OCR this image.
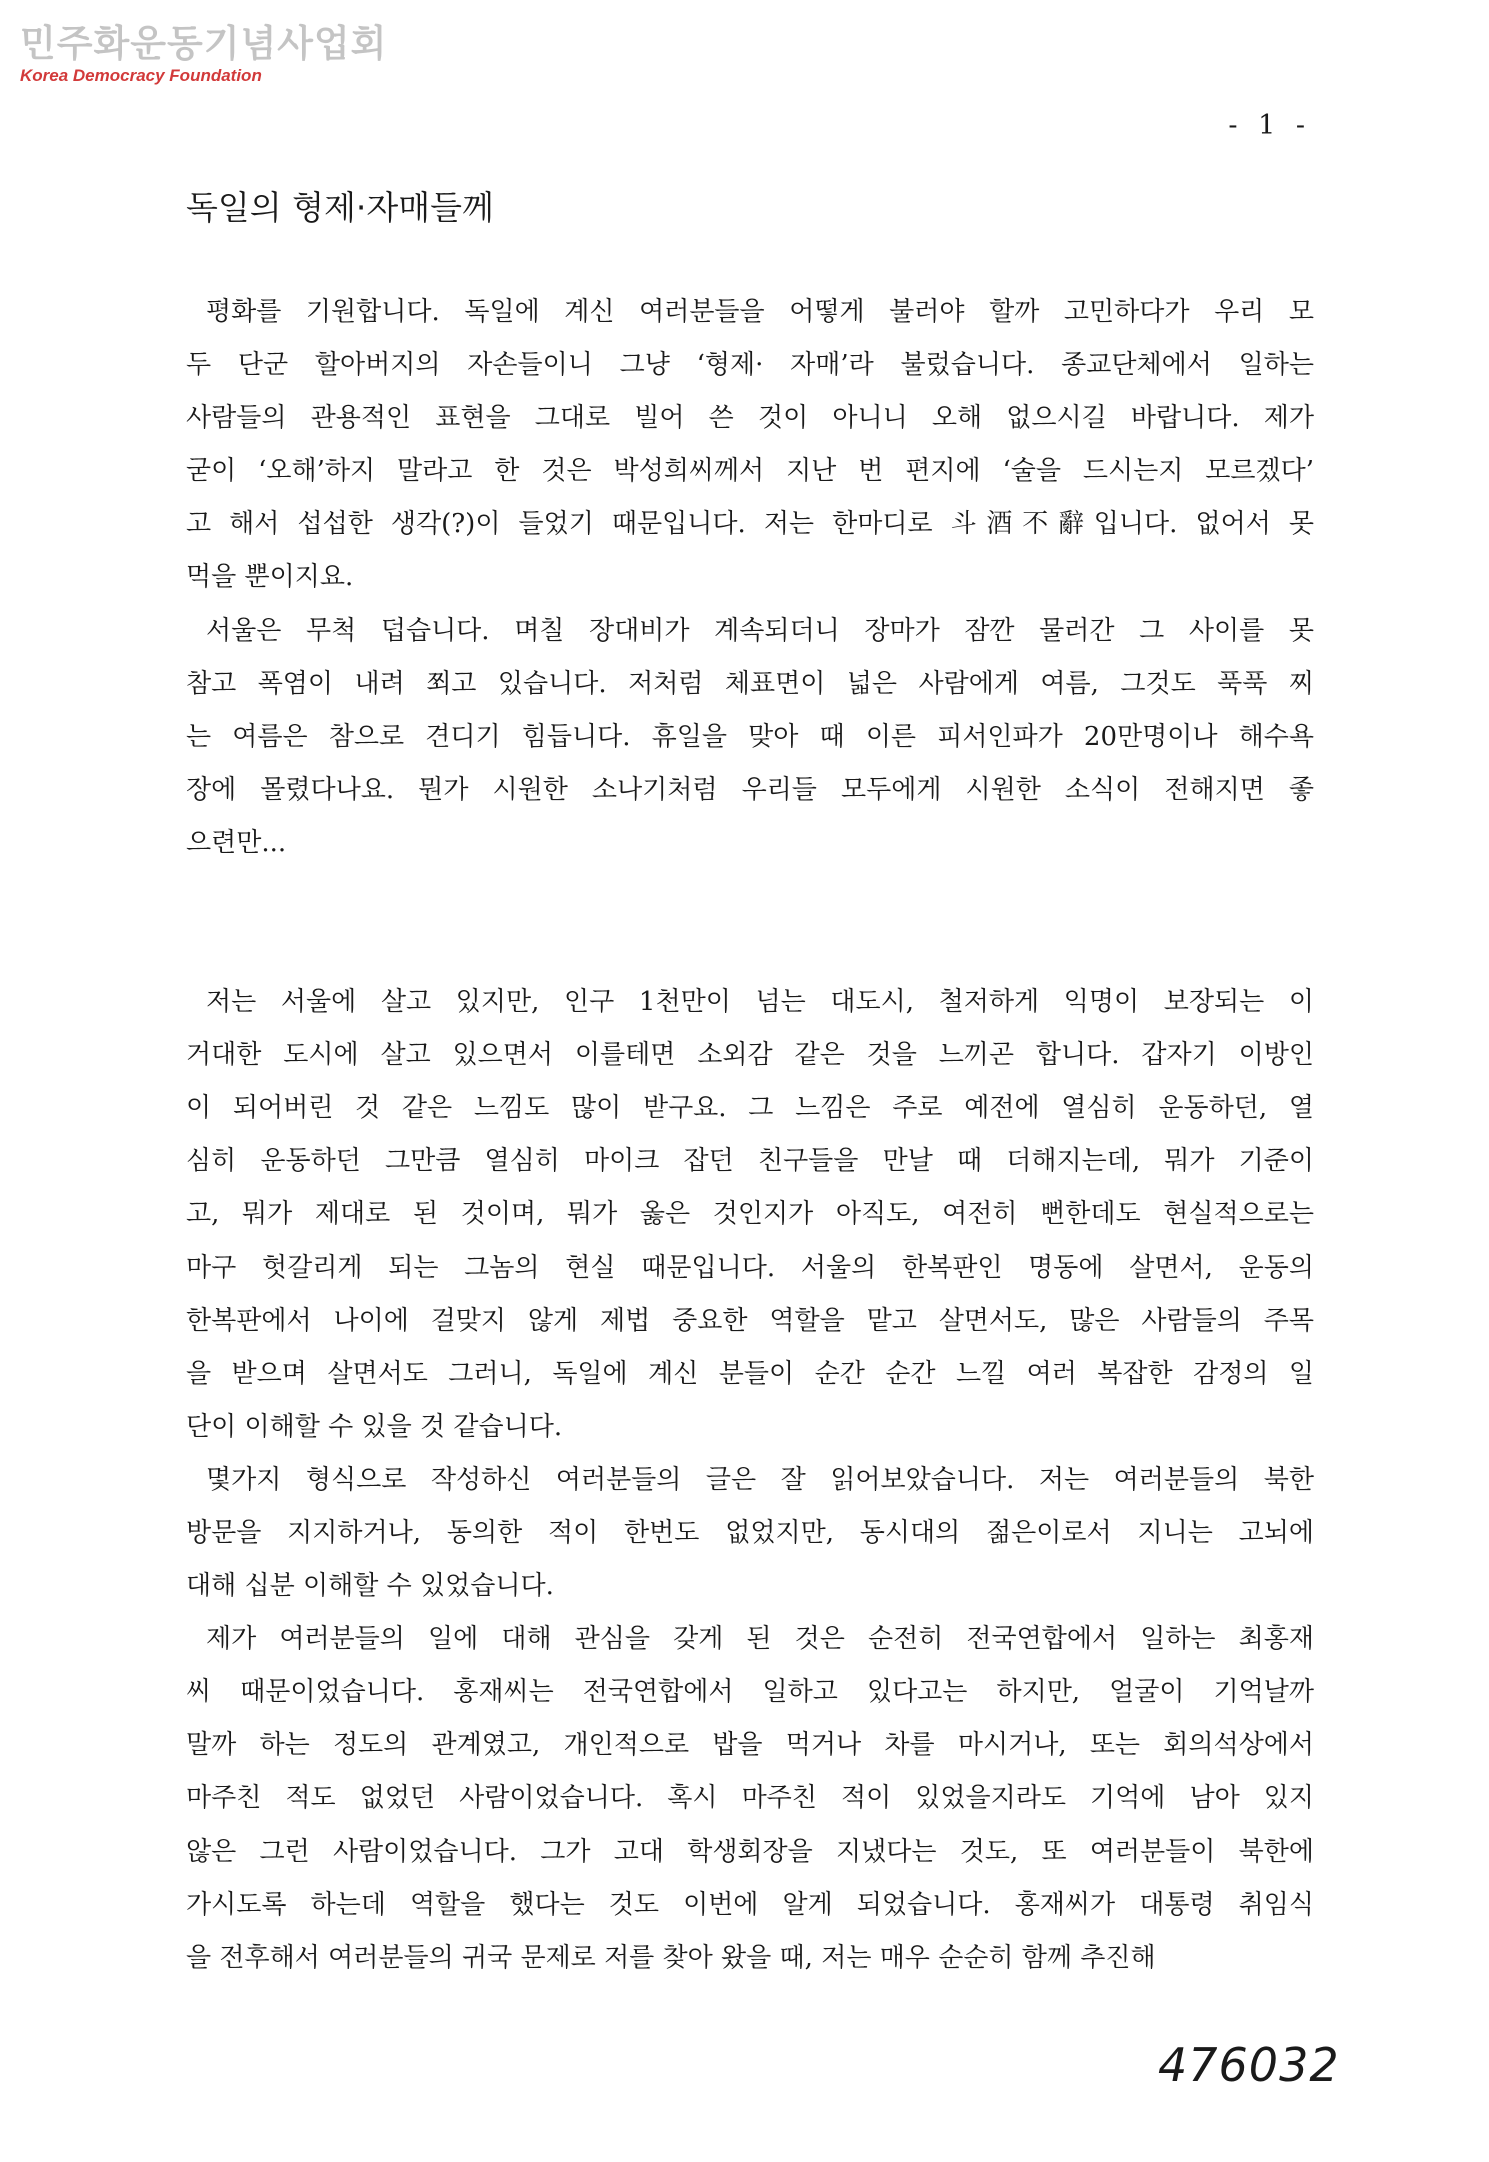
민주화운동기념사업회
Korea Democracy Foundation
- 1 -
독일의 형제·자매들께
평화를 기원합니다. 독일에 계신 여러분들을 어떻게 불러야 할까 고민하다가 우리 모
두 단군 할아버지의 자손들이니 그냥 ‘형제· 자매’라 불렀습니다. 종교단체에서 일하는
사람들의 관용적인 표현을 그대로 빌어 쓴 것이 아니니 오해 없으시길 바랍니다. 제가
굳이 ‘오해’하지 말라고 한 것은 박성희씨께서 지난 번 편지에 ‘술을 드시는지 모르겠다’
고 해서 섭섭한 생각(?)이 들었기 때문입니다. 저는 한마디로 斗酒不辭입니다. 없어서 못
먹을 뿐이지요.
서울은 무척 덥습니다. 며칠 장대비가 계속되더니 장마가 잠깐 물러간 그 사이를 못
참고 폭염이 내려 쬐고 있습니다. 저처럼 체표면이 넓은 사람에게 여름, 그것도 푹푹 찌
는 여름은 참으로 견디기 힘듭니다. 휴일을 맞아 때 이른 피서인파가 20만명이나 해수욕
장에 몰렸다나요. 뭔가 시원한 소나기처럼 우리들 모두에게 시원한 소식이 전해지면 좋
으련만...
저는 서울에 살고 있지만, 인구 1천만이 넘는 대도시, 철저하게 익명이 보장되는 이
거대한 도시에 살고 있으면서 이를테면 소외감 같은 것을 느끼곤 합니다. 갑자기 이방인
이 되어버린 것 같은 느낌도 많이 받구요. 그 느낌은 주로 예전에 열심히 운동하던, 열
심히 운동하던 그만큼 열심히 마이크 잡던 친구들을 만날 때 더해지는데, 뭐가 기준이
고, 뭐가 제대로 된 것이며, 뭐가 옳은 것인지가 아직도, 여전히 뻔한데도 현실적으로는
마구 헛갈리게 되는 그놈의 현실 때문입니다. 서울의 한복판인 명동에 살면서, 운동의
한복판에서 나이에 걸맞지 않게 제법 중요한 역할을 맡고 살면서도, 많은 사람들의 주목
을 받으며 살면서도 그러니, 독일에 계신 분들이 순간 순간 느낄 여러 복잡한 감정의 일
단이 이해할 수 있을 것 같습니다.
몇가지 형식으로 작성하신 여러분들의 글은 잘 읽어보았습니다. 저는 여러분들의 북한
방문을 지지하거나, 동의한 적이 한번도 없었지만, 동시대의 젊은이로서 지니는 고뇌에
대해 십분 이해할 수 있었습니다.
제가 여러분들의 일에 대해 관심을 갖게 된 것은 순전히 전국연합에서 일하는 최홍재
씨 때문이었습니다. 홍재씨는 전국연합에서 일하고 있다고는 하지만, 얼굴이 기억날까
말까 하는 정도의 관계였고, 개인적으로 밥을 먹거나 차를 마시거나, 또는 회의석상에서
마주친 적도 없었던 사람이었습니다. 혹시 마주친 적이 있었을지라도 기억에 남아 있지
않은 그런 사람이었습니다. 그가 고대 학생회장을 지냈다는 것도, 또 여러분들이 북한에
가시도록 하는데 역할을 했다는 것도 이번에 알게 되었습니다. 홍재씨가 대통령 취임식
을 전후해서 여러분들의 귀국 문제로 저를 찾아 왔을 때, 저는 매우 순순히 함께 추진해
476032
